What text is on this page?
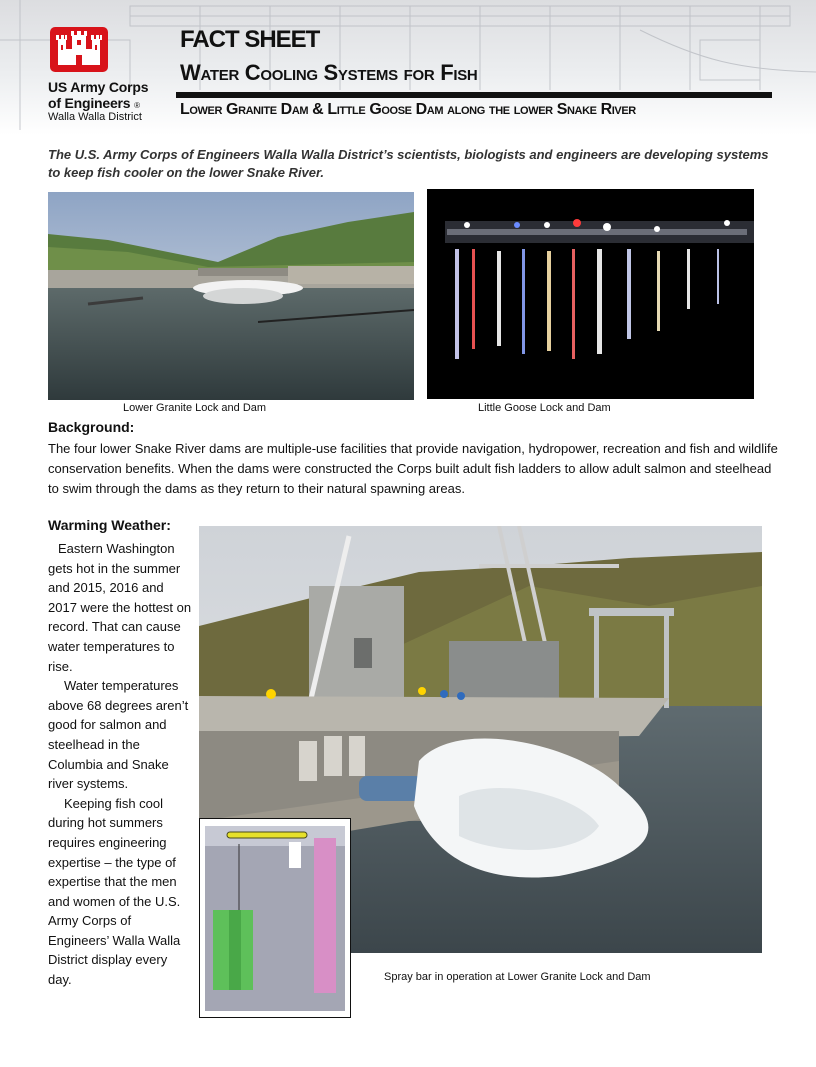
US Army Corps
of Engineers ®
Walla Walla District
FACT SHEET
Water Cooling Systems for Fish
Lower Granite Dam & Little Goose Dam along the lower Snake River
The U.S. Army Corps of Engineers Walla Walla District’s scientists, biologists and engineers are developing systems to keep fish cooler on the lower Snake River.
Lower Granite Lock and Dam	Little Goose Lock and Dam
Background:
The four lower Snake River dams are multiple-use facilities that provide navigation, hydropower, recreation and fish and wildlife conservation benefits. When the dams were constructed the Corps built adult fish ladders to allow adult salmon and steelhead to swim through the dams as they return to their natural spawning areas.
Warming Weather:

Eastern Washington gets hot in the summer and 2015, 2016 and 2017 were the hottest on record. That can cause water temperatures to rise.

Water temperatures above 68 degrees aren’t good for salmon and steelhead in the Columbia and Snake river systems.

Keeping fish cool during hot summers requires engineering expertise – the type of expertise that the men and women of the U.S. Army Corps of Engineers’ Walla Walla District display every day.	Spray bar in operation at Lower Granite Lock and Dam
